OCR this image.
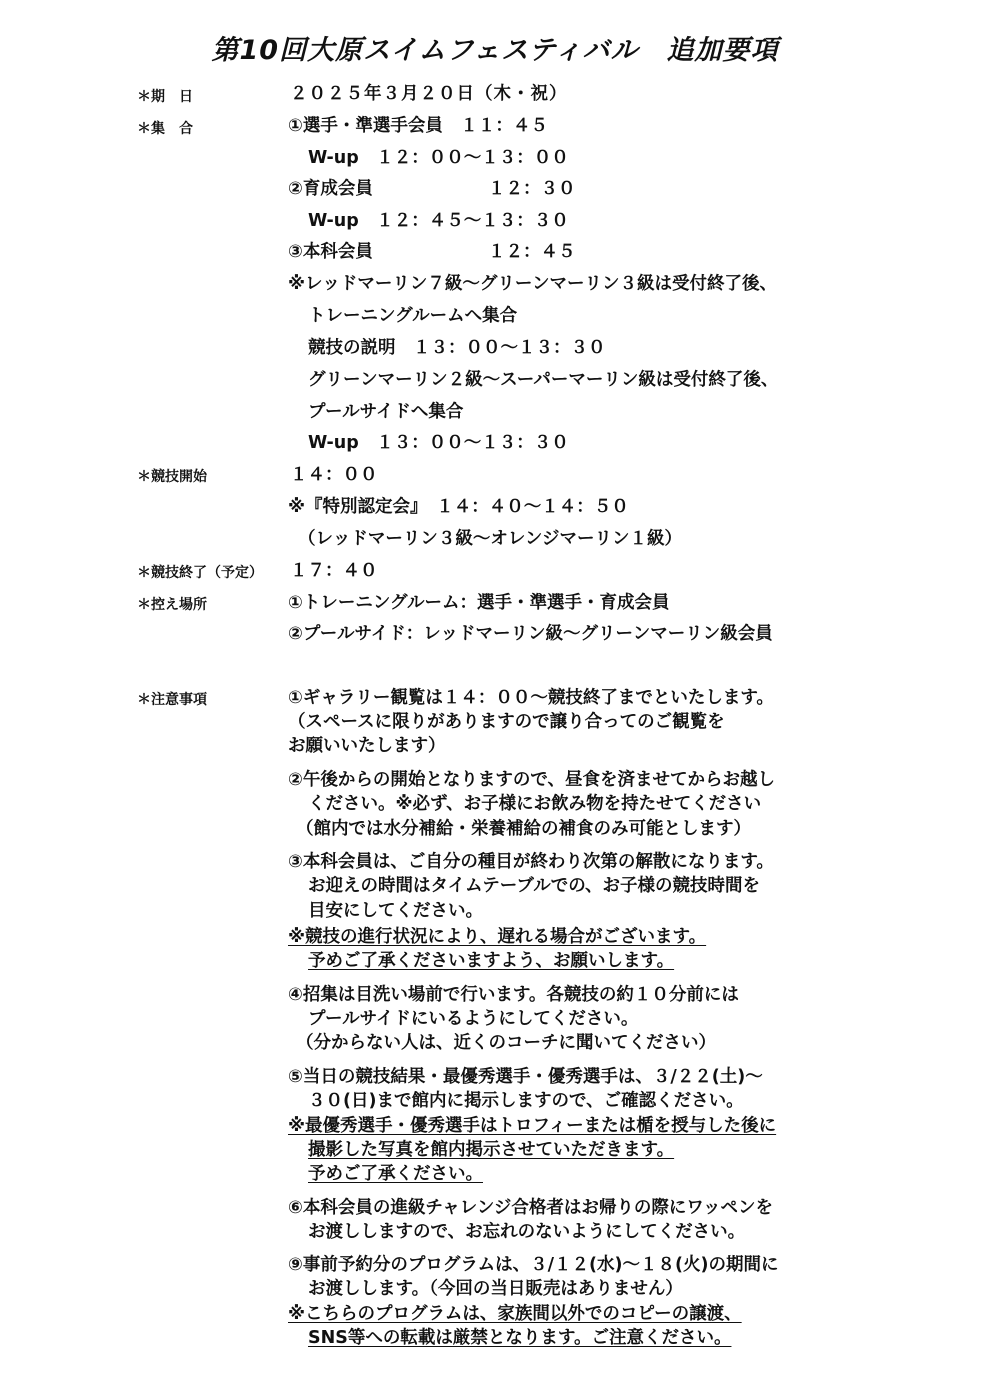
第10回大原スイムフェスティバル　追加要項
＊期　日
＊集　合
＊競技開始
＊競技終了（予定）
＊控え場所
＊注意事項
２０２５年３月２０日（木・祝）
①選手・準選手会員　１１：４５
W-up　１２：００～１３：００
②育成会員	１２：３０
W-up　１２：４５～１３：３０
③本科会員	１２：４５
※レッドマーリン７級～グリーンマーリン３級は受付終了後、
トレーニングルームへ集合
競技の説明　１３：００～１３：３０
グリーンマーリン２級～スーパーマーリン級は受付終了後、
プールサイドへ集合
W-up　１３：００～１３：３０
１４：００
※『特別認定会』　１４：４０～１４：５０
（レッドマーリン３級～オレンジマーリン１級）
１７：４０
①トレーニングルーム：選手・準選手・育成会員
②プールサイド：レッドマーリン級～グリーンマーリン級会員
①ギャラリー観覧は１４：００～競技終了までといたします。
（スペースに限りがありますので譲り合ってのご観覧を
お願いいたします）
②午後からの開始となりますので、昼食を済ませてからお越し
ください。※必ず、お子様にお飲み物を持たせてください
（館内では水分補給・栄養補給の補食のみ可能とします）
③本科会員は、ご自分の種目が終わり次第の解散になります。
お迎えの時間はタイムテーブルでの、お子様の競技時間を
目安にしてください。
※競技の進行状況により、遅れる場合がございます。
予めご了承くださいますよう、お願いします。
④招集は目洗い場前で行います。各競技の約１０分前には
プールサイドにいるようにしてください。
（分からない人は、近くのコーチに聞いてください）
⑤当日の競技結果・最優秀選手・優秀選手は、３/２２(土)～
３０(日)まで館内に掲示しますので、ご確認ください。
※最優秀選手・優秀選手はトロフィーまたは楯を授与した後に
撮影した写真を館内掲示させていただきます。
予めご了承ください。
⑥本科会員の進級チャレンジ合格者はお帰りの際にワッペンを
お渡ししますので、お忘れのないようにしてください。
⑨事前予約分のプログラムは、３/１２(水)～１８(火)の期間に
お渡しします。（今回の当日販売はありません）
※こちらのプログラムは、家族間以外でのコピーの譲渡、
SNS等への転載は厳禁となります。ご注意ください。
